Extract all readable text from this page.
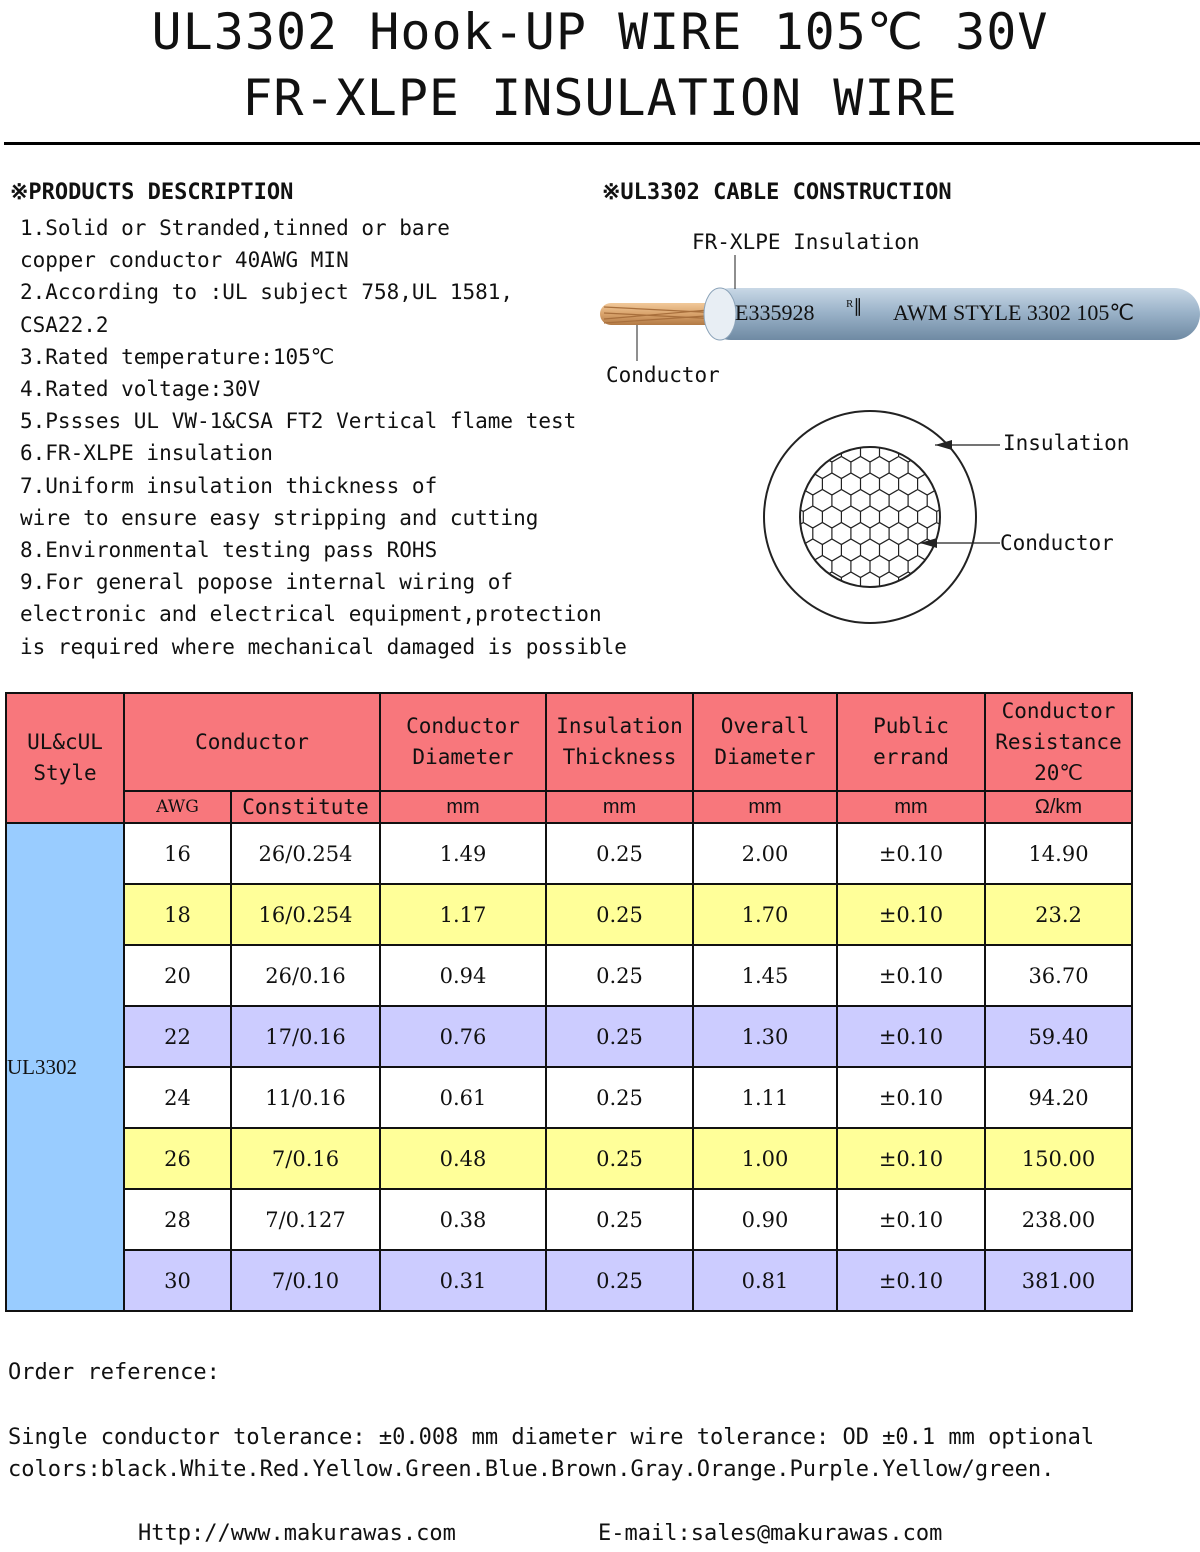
UL3302 Hook-UP WIRE 105℃ 30V
FR-XLPE INSULATION WIRE
※PRODUCTS DESCRIPTION
1.Solid or Stranded,tinned or bare
copper conductor 40AWG MIN
2.According to :UL subject 758,UL 1581,
CSA22.2
3.Rated temperature:105℃
4.Rated voltage:30V
5.Pssses UL VW-1&CSA FT2 Vertical flame test
6.FR-XLPE insulation
7.Uniform insulation thickness of
wire to ensure easy stripping and cutting
8.Environmental testing pass ROHS
9.For general popose internal wiring of
electronic and electrical equipment,protection
is required where mechanical damaged is possible
※UL3302 CABLE CONSTRUCTION
FR-XLPE Insulation
E335928 ᴿ∥ AWM STYLE 3302 105℃
Conductor
Insulation
Conductor
UL&cUL Style	Conductor		Conductor Diameter	Insulation Thickness	Overall Diameter	Public errand	Conductor Resistance 20℃
	AWG	Constitute	mm	mm	mm	mm	Ω/km
UL3302	16	26/0.254	1.49	0.25	2.00	±0.10	14.90
	18	16/0.254	1.17	0.25	1.70	±0.10	23.2
	20	26/0.16	0.94	0.25	1.45	±0.10	36.70
	22	17/0.16	0.76	0.25	1.30	±0.10	59.40
	24	11/0.16	0.61	0.25	1.11	±0.10	94.20
	26	7/0.16	0.48	0.25	1.00	±0.10	150.00
	28	7/0.127	0.38	0.25	0.90	±0.10	238.00
	30	7/0.10	0.31	0.25	0.81	±0.10	381.00
Order reference:
Single conductor tolerance: ±0.008 mm diameter wire tolerance: OD ±0.1 mm optional
colors:black.White.Red.Yellow.Green.Blue.Brown.Gray.Orange.Purple.Yellow/green.
Http://www.makurawas.com	E-mail:sales@makurawas.com
